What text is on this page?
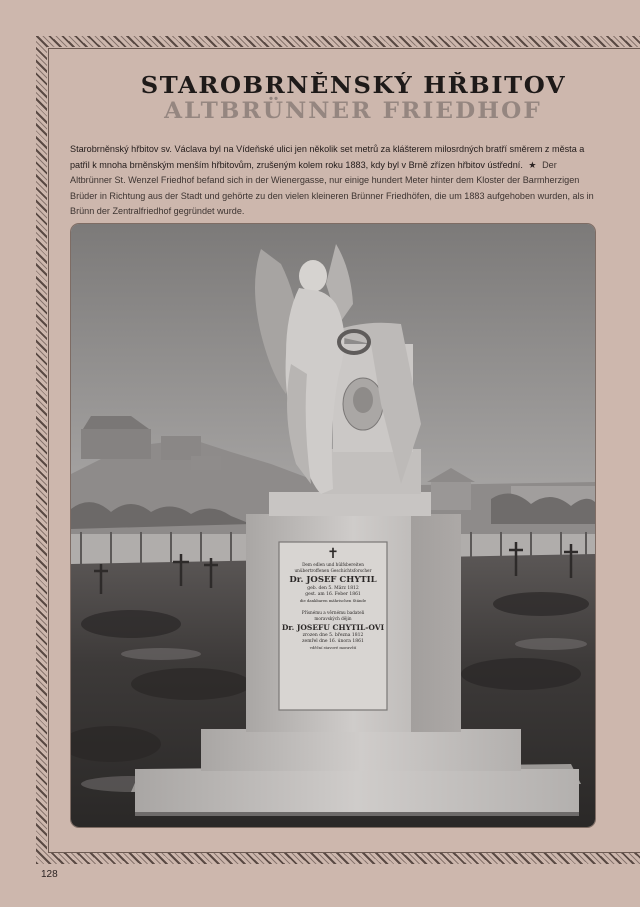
STAROBRNĚNSKÝ HŘBITOV
ALTBRÜNNER FRIEDHOF
Starobrněnský hřbitov sv. Václava byl na Vídeňské ulici jen několik set metrů za klášterem milosrdných bratří směrem z města a patřil k mnoha brněnským menším hřbitovům, zrušeným kolem roku 1883, kdy byl v Brně zřízen hřbitov ústřední. ★ Der Altbrünner St. Wenzel Friedhof befand sich in der Wienergasse, nur einige hundert Meter hinter dem Kloster der Barmherzigen Brüder in Richtung aus der Stadt und gehörte zu den vielen kleineren Brünner Friedhöfen, die um 1883 aufgehoben wurden, als in Brünn der Zentralfriedhof gegründet wurde.
✝
Dem edlen und hülfsbereiten
unübertroffenen Geschichtsforscher
Dr. JOSEF CHYTIL
geb. den 5. März 1812
gest. am 16. Feber 1861
die dankbaren mährischen Stände
Přísnému a věrnému badateli
moravských dějin
Dr. JOSEFU CHYTIL-OVI
zrozen dne 5. března 1812
zemřel dne 16. února 1861
vděční stavové moravští
128
